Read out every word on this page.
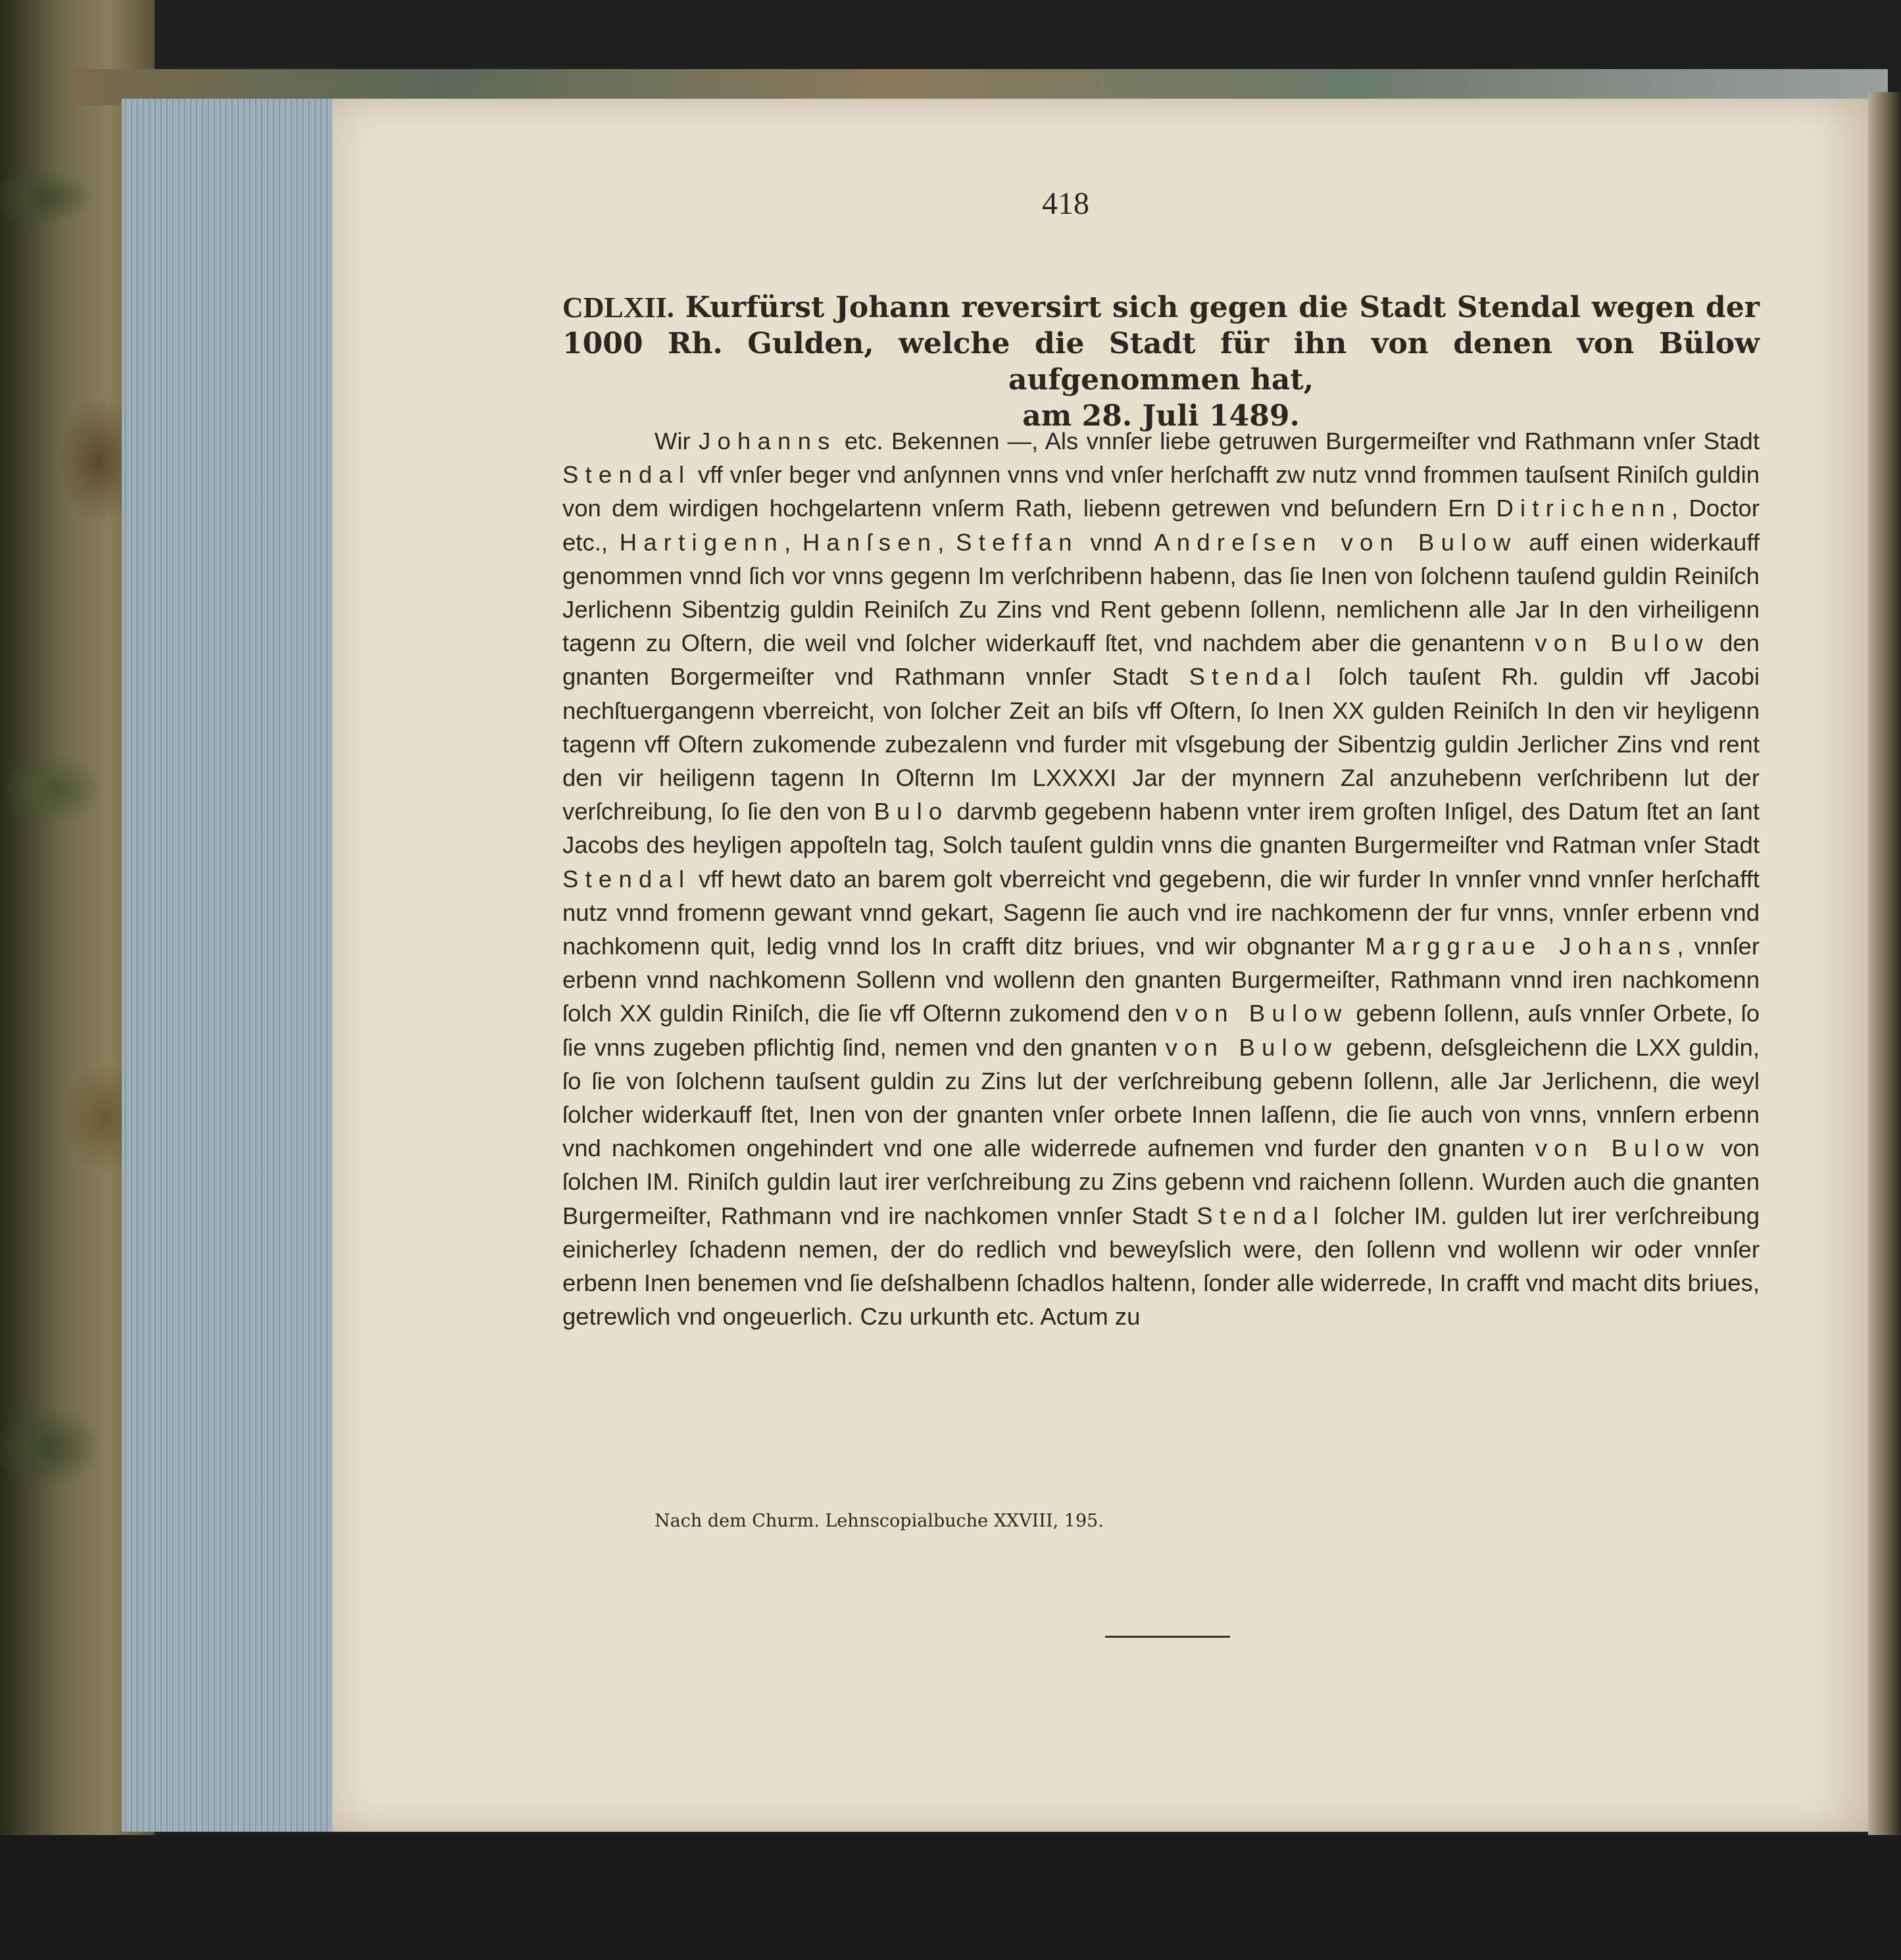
418
CDLXII. Kurfürst Johann reversirt sich gegen die Stadt Stendal wegen der 1000 Rh. Gulden, welche die Stadt für ihn von denen von Bülow aufgenommen hat,
am 28. Juli 1489.
Wir Johanns etc. Bekennen —, Als vnnſer liebe getruwen Burgermeiſter vnd Rathmann vnſer Stadt Stendal vff vnſer beger vnd anſynnen vnns vnd vnſer herſchafft zw nutz vnnd frommen tauſsent Riniſch guldin von dem wirdigen hochgelartenn vnſerm Rath, liebenn getrewen vnd beſundern Ern Ditrichenn, Doctor etc., Hartigenn, Hanſsen, Steffan vnnd Andreſsen von Bulow auff einen widerkauff genommen vnnd ſich vor vnns gegenn Im verſchribenn habenn, das ſie Inen von ſolchenn tauſend guldin Reiniſch Jerlichenn Sibentzig guldin Reiniſch Zu Zins vnd Rent gebenn ſollenn, nemlichenn alle Jar In den virheiligenn tagenn zu Oſtern, die weil vnd ſolcher widerkauff ſtet, vnd nachdem aber die genantenn von Bulow den gnanten Borgermeiſter vnd Rathmann vnnſer Stadt Stendal ſolch tauſent Rh. guldin vff Jacobi nechſtuergangenn vberreicht, von ſolcher Zeit an biſs vff Oſtern, ſo Inen XX gulden Reiniſch In den vir heyligenn tagenn vff Oſtern zukomende zubezalenn vnd furder mit vſsgebung der Sibentzig guldin Jerlicher Zins vnd rent den vir heiligenn tagenn In Oſternn Im LXXXXI Jar der mynnern Zal anzuhebenn verſchribenn lut der verſchreibung, ſo ſie den von Bulo darvmb gegebenn habenn vnter irem groſten Inſigel, des Datum ſtet an ſant Jacobs des heyligen appoſteln tag, Solch tauſent guldin vnns die gnanten Burgermeiſter vnd Ratman vnſer Stadt Stendal vff hewt dato an barem golt vberreicht vnd gegebenn, die wir furder In vnnſer vnnd vnnſer herſchafft nutz vnnd fromenn gewant vnnd gekart, Sagenn ſie auch vnd ire nachkomenn der fur vnns, vnnſer erbenn vnd nachkomenn quit, ledig vnnd los In crafft ditz briues, vnd wir obgnanter Marggraue Johans, vnnſer erbenn vnnd nachkomenn Sollenn vnd wollenn den gnanten Burgermeiſter, Rathmann vnnd iren nachkomenn ſolch XX guldin Riniſch, die ſie vff Oſternn zukomend den von Bulow gebenn ſollenn, auſs vnnſer Orbete, ſo ſie vnns zugeben pflichtig ſind, nemen vnd den gnanten von Bulow gebenn, deſsgleichenn die LXX guldin, ſo ſie von ſolchenn tauſsent guldin zu Zins lut der verſchreibung gebenn ſollenn, alle Jar Jerlichenn, die weyl ſolcher widerkauff ſtet, Inen von der gnanten vnſer orbete Innen laſſenn, die ſie auch von vnns, vnnſern erbenn vnd nachkomen ongehindert vnd one alle widerrede aufnemen vnd furder den gnanten von Bulow von ſolchen IM. Riniſch guldin laut irer verſchreibung zu Zins gebenn vnd raichenn ſollenn. Wurden auch die gnanten Burgermeiſter, Rathmann vnd ire nachkomen vnnſer Stadt Stendal ſolcher IM. gulden lut irer verſchreibung einicherley ſchadenn nemen, der do redlich vnd beweyſslich were, den ſollenn vnd wollenn wir oder vnnſer erbenn Inen benemen vnd ſie deſshalbenn ſchadlos haltenn, ſonder alle widerrede, In crafft vnd macht dits briues, getrewlich vnd ongeuerlich. Czu urkunth etc. Actum zu
Nach dem Churm. Lehnscopialbuche XXVIII, 195.
